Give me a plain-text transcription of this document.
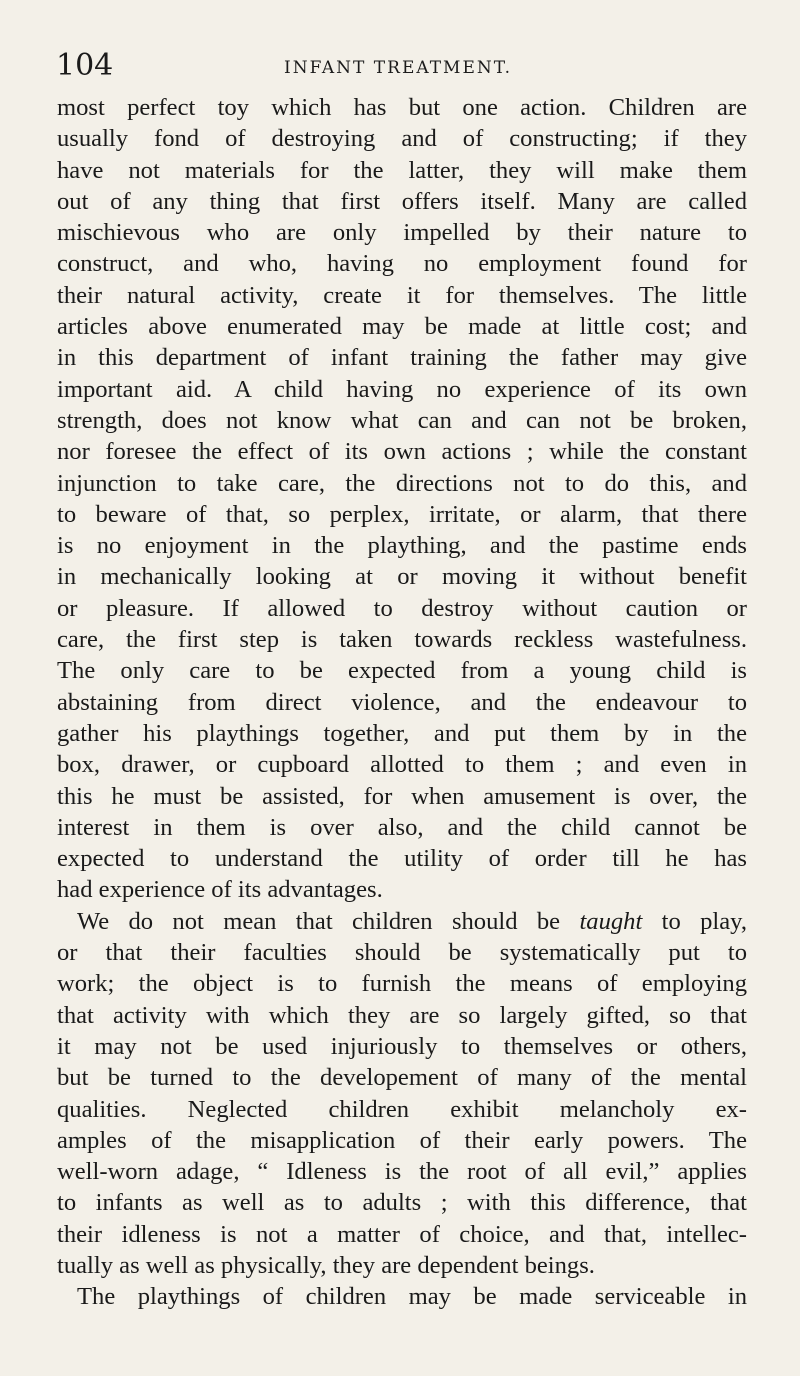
104	INFANT TREATMENT.
most perfect toy which has but one action. Children are
usually fond of destroying and of constructing; if they
have not materials for the latter, they will make them
out of any thing that first offers itself. Many are called
mischievous who are only impelled by their nature to
construct, and who, having no employment found for
their natural activity, create it for themselves. The little
articles above enumerated may be made at little cost; and
in this department of infant training the father may give
important aid. A child having no experience of its own
strength, does not know what can and can not be broken,
nor foresee the effect of its own actions ; while the constant
injunction to take care, the directions not to do this, and
to beware of that, so perplex, irritate, or alarm, that there
is no enjoyment in the plaything, and the pastime ends
in mechanically looking at or moving it without benefit
or pleasure. If allowed to destroy without caution or
care, the first step is taken towards reckless wastefulness.
The only care to be expected from a young child is
abstaining from direct violence, and the endeavour to
gather his playthings together, and put them by in the
box, drawer, or cupboard allotted to them ; and even in
this he must be assisted, for when amusement is over, the
interest in them is over also, and the child cannot be
expected to understand the utility of order till he has
had experience of its advantages.
We do not mean that children should be taught to play,
or that their faculties should be systematically put to
work; the object is to furnish the means of employing
that activity with which they are so largely gifted, so that
it may not be used injuriously to themselves or others,
but be turned to the developement of many of the mental
qualities. Neglected children exhibit melancholy ex-
amples of the misapplication of their early powers. The
well-worn adage, “ Idleness is the root of all evil,” applies
to infants as well as to adults ; with this difference, that
their idleness is not a matter of choice, and that, intellec-
tually as well as physically, they are dependent beings.
The playthings of children may be made serviceable in
